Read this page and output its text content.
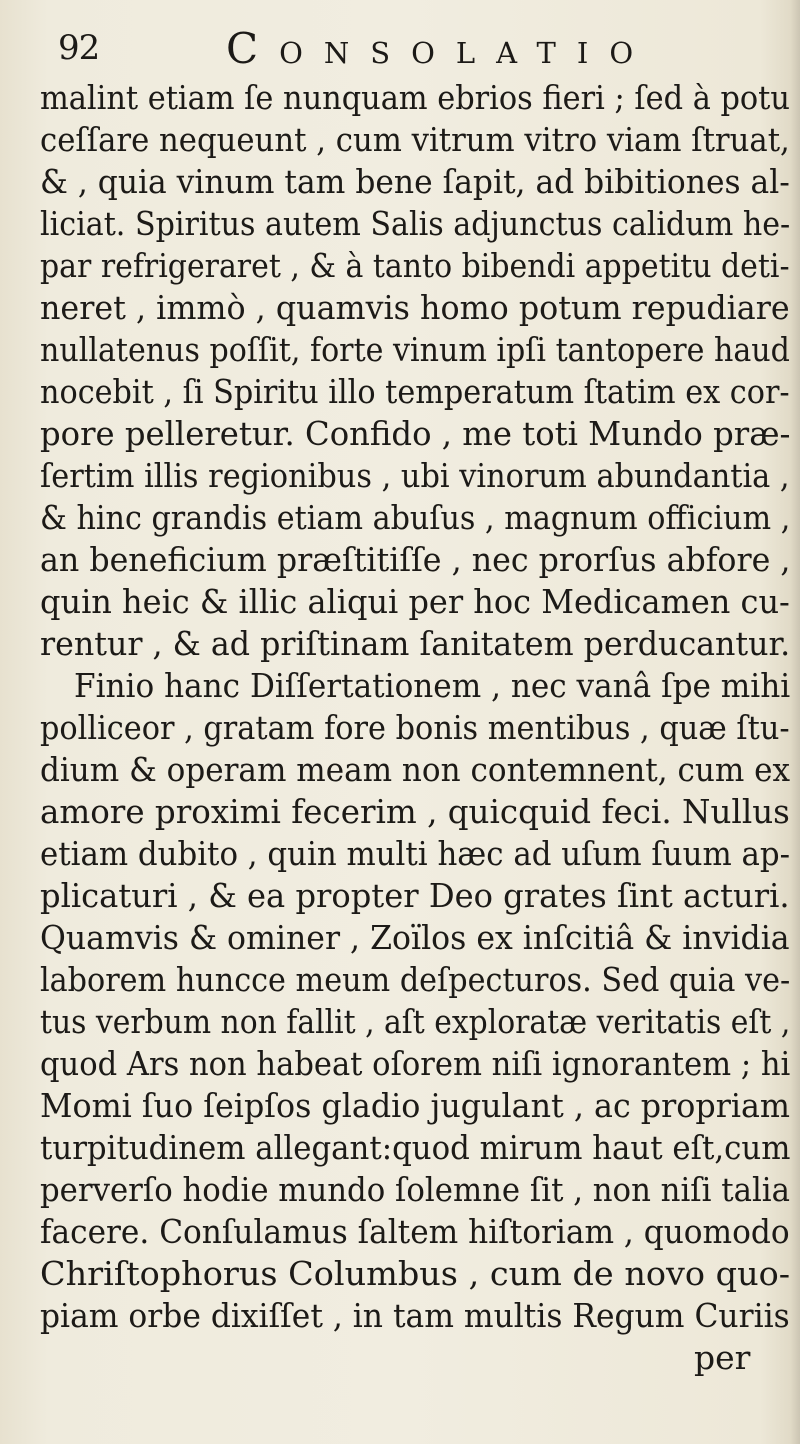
92	Consolatio
malint etiam ſe nunquam ebrios fieri ; ſed à potu
ceſſare nequeunt , cum vitrum vitro viam ſtruat,
& , quia vinum tam bene ſapit, ad bibitiones al-
liciat. Spiritus autem Salis adjunctus calidum he-
par refrigeraret , & à tanto bibendi appetitu deti-
neret , immò , quamvis homo potum repudiare
nullatenus poſſit, forte vinum ipſi tantopere haud
nocebit , ſi Spiritu illo temperatum ſtatim ex cor-
pore pelleretur. Confido , me toti Mundo præ-
ſertim illis regionibus , ubi vinorum abundantia ,
& hinc grandis etiam abuſus , magnum officium ,
an beneficium præſtitiſſe , nec prorſus abfore ,
quin heic & illic aliqui per hoc Medicamen cu-
rentur , & ad priſtinam ſanitatem perducantur.
Finio hanc Diſſertationem , nec vanâ ſpe mihi
polliceor , gratam fore bonis mentibus , quæ ſtu-
dium & operam meam non contemnent, cum ex
amore proximi fecerim , quicquid feci. Nullus
etiam dubito , quin multi hæc ad uſum ſuum ap-
plicaturi , & ea propter Deo grates ſint acturi.
Quamvis & ominer , Zoïlos ex inſcitiâ & invidia
laborem huncce meum deſpecturos. Sed quia ve-
tus verbum non fallit , aſt exploratæ veritatis eſt ,
quod Ars non habeat oſorem niſi ignorantem ; hi
Momi ſuo ſeipſos gladio jugulant , ac propriam
turpitudinem allegant:quod mirum haut eſt,cum
perverſo hodie mundo ſolemne ſit , non niſi talia
facere. Conſulamus ſaltem hiſtoriam , quomodo
Chriſtophorus Columbus , cum de novo quo-
piam orbe dixiſſet , in tam multis Regum Curiis
per
